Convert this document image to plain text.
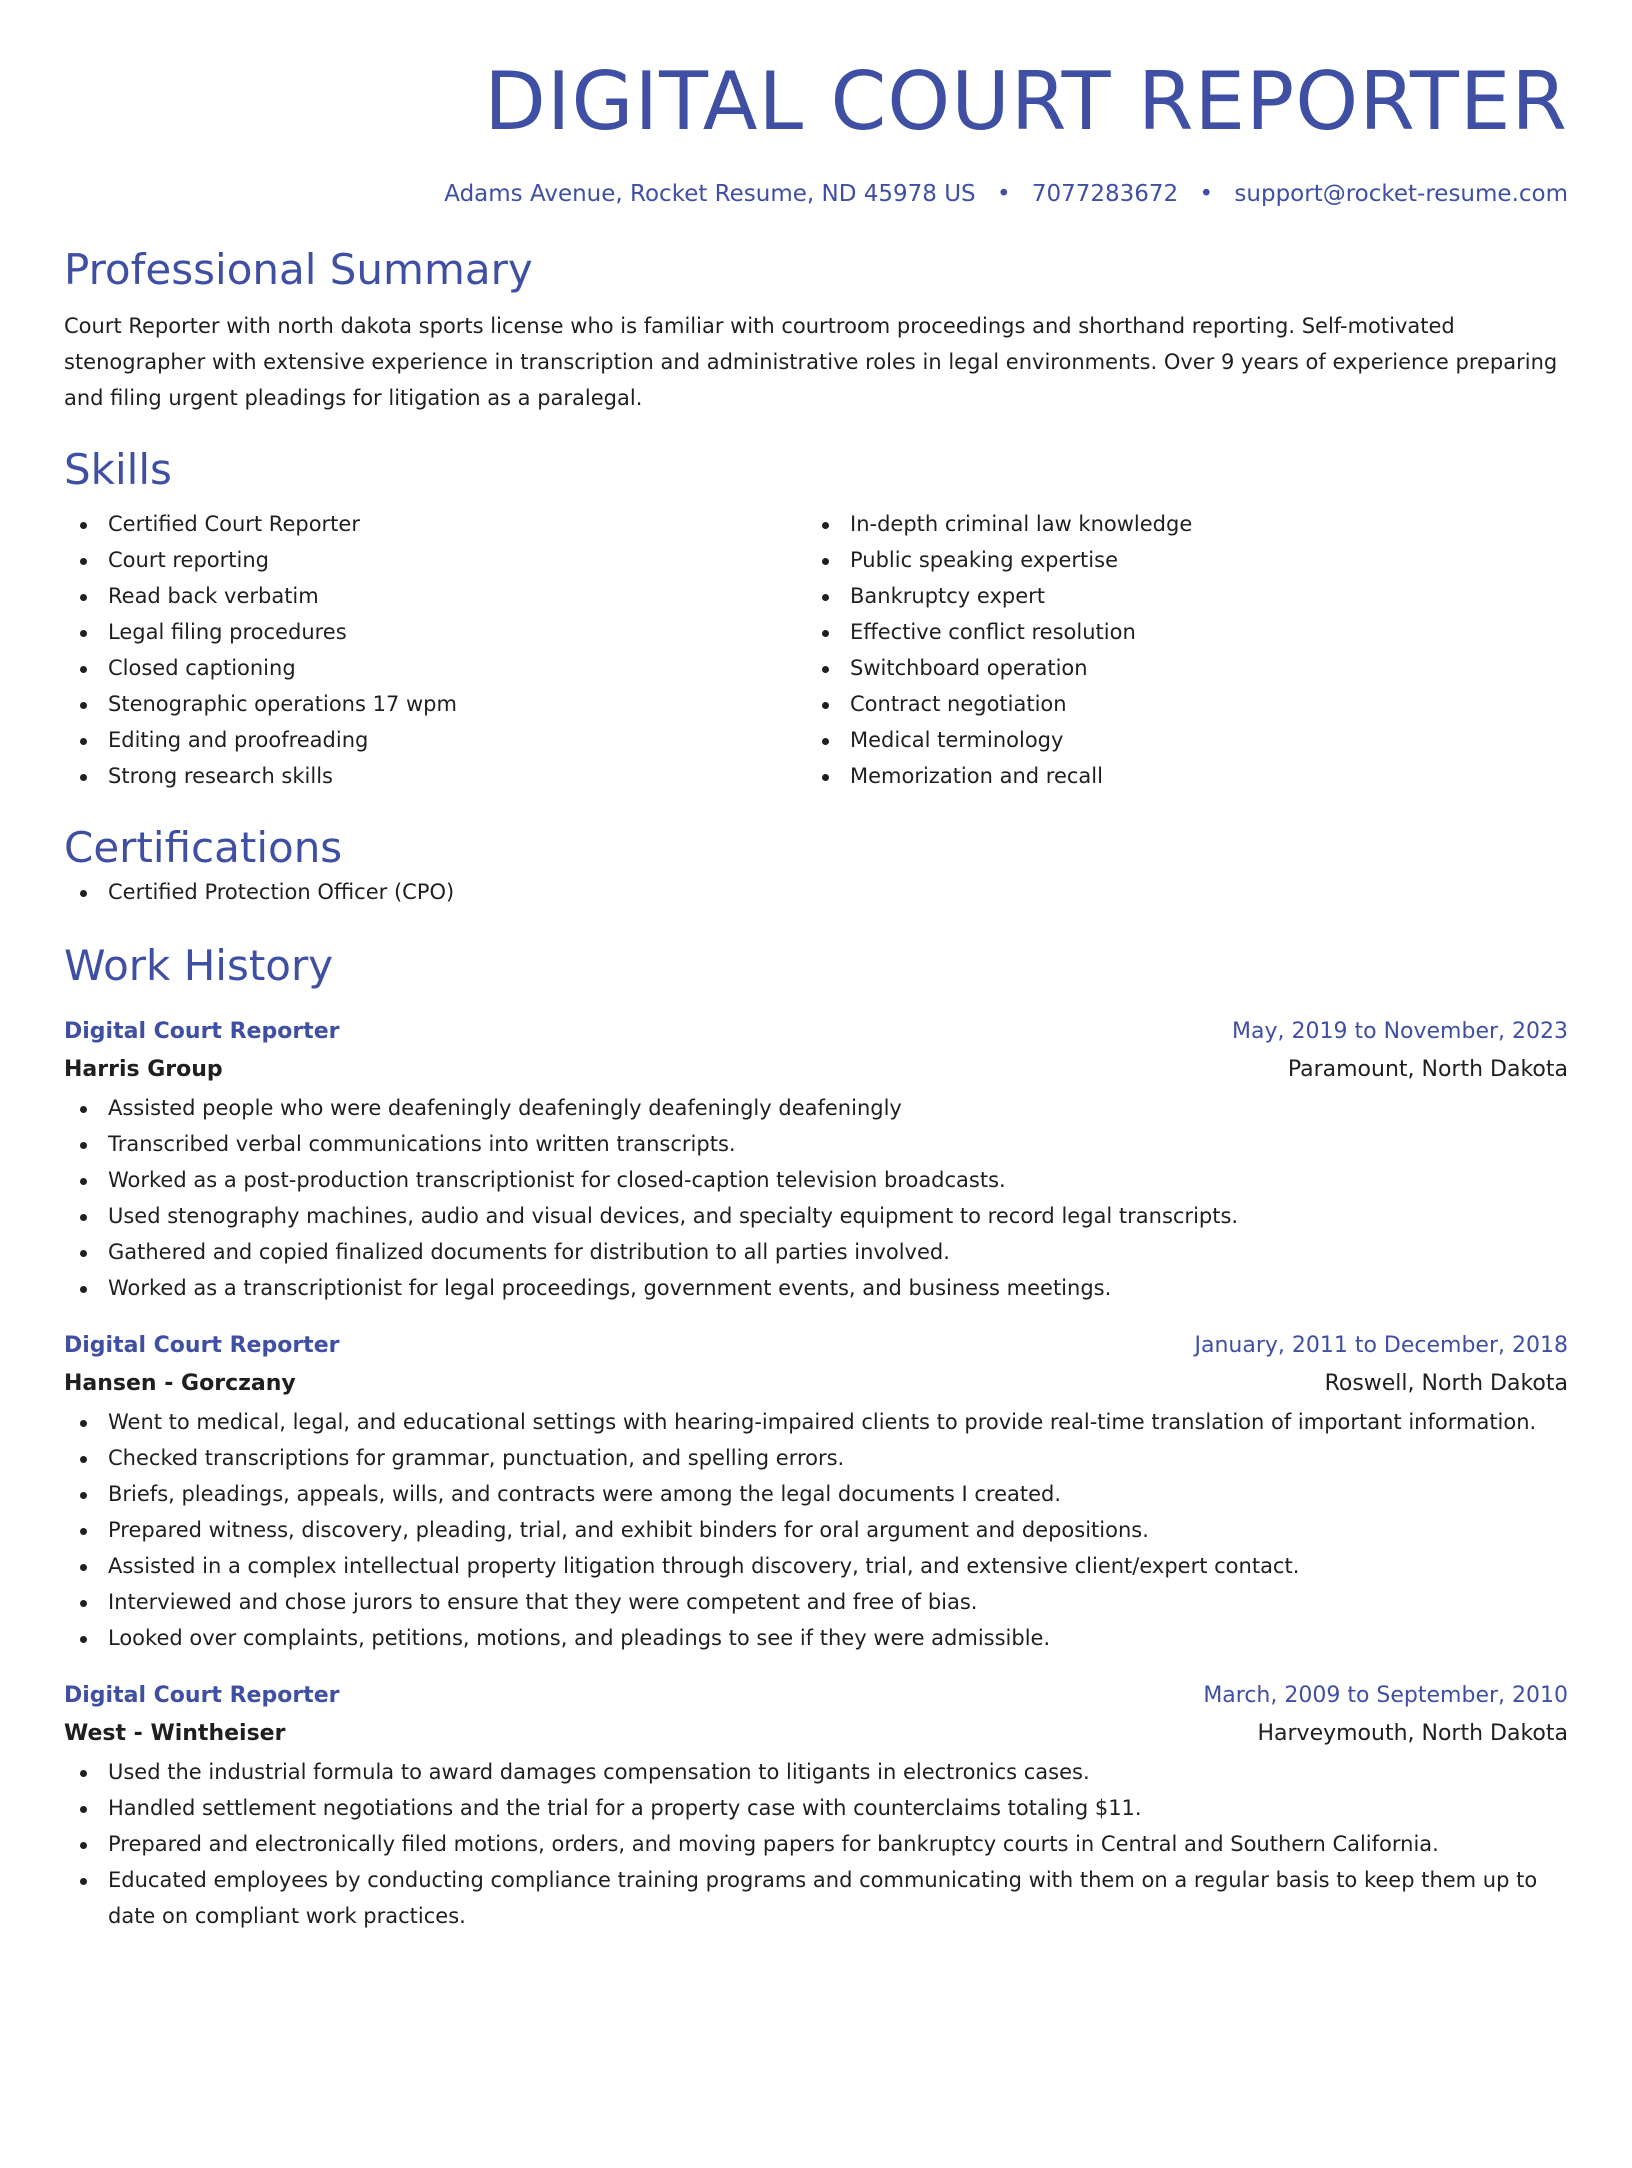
DIGITAL COURT REPORTER
Adams Avenue, Rocket Resume, ND 45978 US • 7077283672 • support@rocket-resume.com
Professional Summary
Court Reporter with north dakota sports license who is familiar with courtroom proceedings and shorthand reporting. Self-motivated stenographer with extensive experience in transcription and administrative roles in legal environments. Over 9 years of experience preparing and filing urgent pleadings for litigation as a paralegal.
Skills
Certified Court Reporter
Court reporting
Read back verbatim
Legal filing procedures
Closed captioning
Stenographic operations 17 wpm
Editing and proofreading
Strong research skills
In-depth criminal law knowledge
Public speaking expertise
Bankruptcy expert
Effective conflict resolution
Switchboard operation
Contract negotiation
Medical terminology
Memorization and recall
Certifications
Certified Protection Officer (CPO)
Work History
Digital Court Reporter	May, 2019 to November, 2023
Harris Group	Paramount, North Dakota
Assisted people who were deafeningly deafeningly deafeningly deafeningly
Transcribed verbal communications into written transcripts.
Worked as a post-production transcriptionist for closed-caption television broadcasts.
Used stenography machines, audio and visual devices, and specialty equipment to record legal transcripts.
Gathered and copied finalized documents for distribution to all parties involved.
Worked as a transcriptionist for legal proceedings, government events, and business meetings.
Digital Court Reporter	January, 2011 to December, 2018
Hansen - Gorczany	Roswell, North Dakota
Went to medical, legal, and educational settings with hearing-impaired clients to provide real-time translation of important information.
Checked transcriptions for grammar, punctuation, and spelling errors.
Briefs, pleadings, appeals, wills, and contracts were among the legal documents I created.
Prepared witness, discovery, pleading, trial, and exhibit binders for oral argument and depositions.
Assisted in a complex intellectual property litigation through discovery, trial, and extensive client/expert contact.
Interviewed and chose jurors to ensure that they were competent and free of bias.
Looked over complaints, petitions, motions, and pleadings to see if they were admissible.
Digital Court Reporter	March, 2009 to September, 2010
West - Wintheiser	Harveymouth, North Dakota
Used the industrial formula to award damages compensation to litigants in electronics cases.
Handled settlement negotiations and the trial for a property case with counterclaims totaling $11.
Prepared and electronically filed motions, orders, and moving papers for bankruptcy courts in Central and Southern California.
Educated employees by conducting compliance training programs and communicating with them on a regular basis to keep them up to date on compliant work practices.
